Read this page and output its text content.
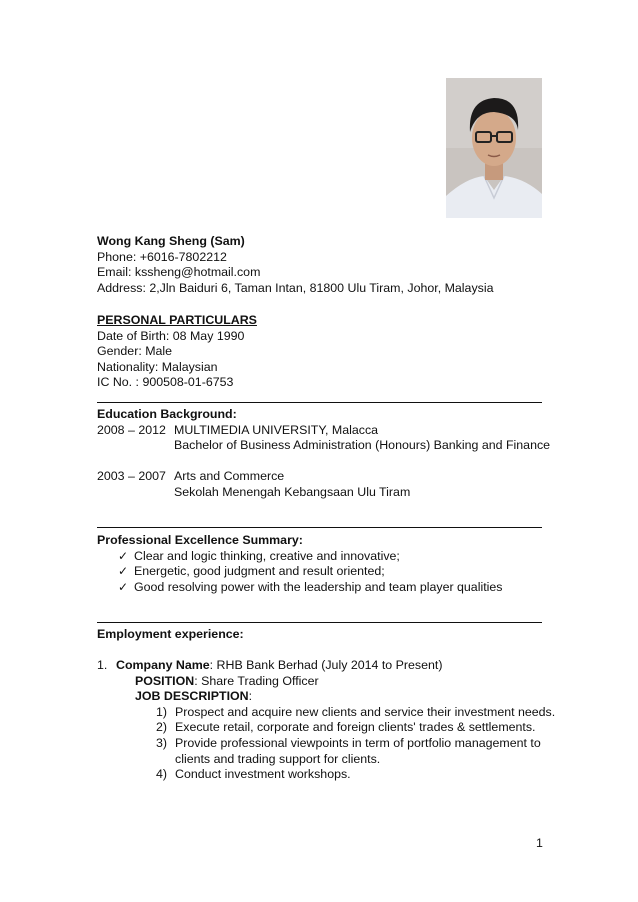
Wong Kang Sheng (Sam)
Phone: +6016-7802212
Email: kssheng@hotmail.com
Address: 2,Jln Baiduri 6, Taman Intan, 81800 Ulu Tiram, Johor, Malaysia
PERSONAL PARTICULARS
Date of Birth: 08 May 1990
Gender: Male
Nationality: Malaysian
IC No. : 900508-01-6753
Education Background:
2008 – 2012 MULTIMEDIA UNIVERSITY, Malacca
Bachelor of Business Administration (Honours) Banking and Finance
2003 – 2007 Arts and Commerce
Sekolah Menengah Kebangsaan Ulu Tiram
Professional Excellence Summary:
✓ Clear and logic thinking, creative and innovative;
✓ Energetic, good judgment and result oriented;
✓ Good resolving power with the leadership and team player qualities
Employment experience:
1. Company Name: RHB Bank Berhad (July 2014 to Present)
POSITION: Share Trading Officer
JOB DESCRIPTION:
1) Prospect and acquire new clients and service their investment needs.
2) Execute retail, corporate and foreign clients' trades & settlements.
3) Provide professional viewpoints in term of portfolio management to
clients and trading support for clients.
4) Conduct investment workshops.
1
